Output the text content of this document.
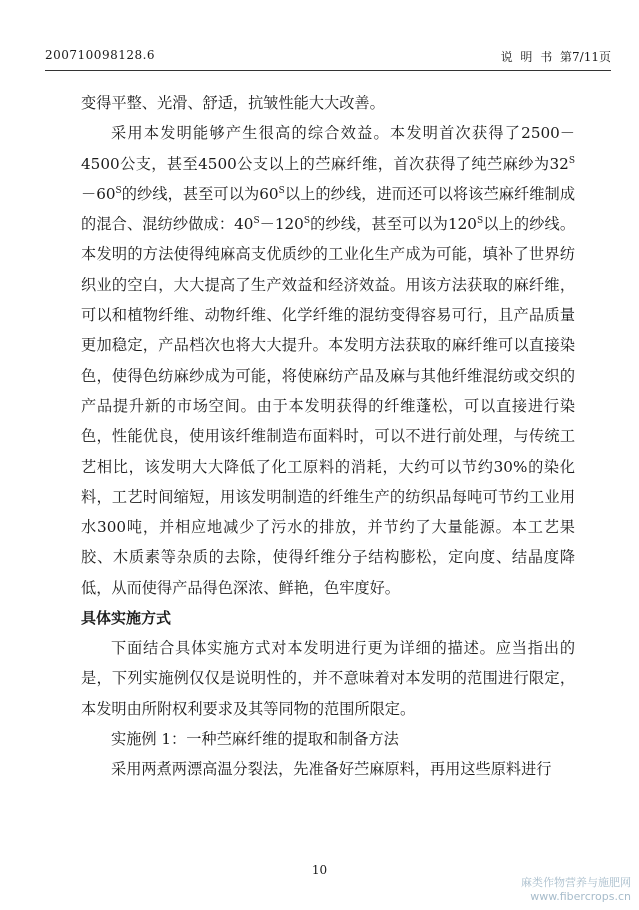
200710098128.6	说 明 书 第7/11页

变得平整、光滑、舒适，抗皱性能大大改善。

采用本发明能够产生很高的综合效益。本发明首次获得了2500－4500公支，甚至4500公支以上的苎麻纤维，首次获得了纯苎麻纱为$32^S-60^S$的纱线，甚至可以为$60^S$以上的纱线，进而还可以将该苎麻纤维制成的混合、混纺纱做成：$40^S-120^S$的纱线，甚至可以为$120^S$以上的纱线。本发明的方法使得纯麻高支优质纱的工业化生产成为可能，填补了世界纺织业的空白，大大提高了生产效益和经济效益。用该方法获取的麻纤维，可以和植物纤维、动物纤维、化学纤维的混纺变得容易可行，且产品质量更加稳定，产品档次也将大大提升。本发明方法获取的麻纤维可以直接染色，使得色纺麻纱成为可能，将使麻纺产品及麻与其他纤维混纺或交织的产品提升新的市场空间。由于本发明获得的纤维蓬松，可以直接进行染色，性能优良，使用该纤维制造布面料时，可以不进行前处理，与传统工艺相比，该发明大大降低了化工原料的消耗，大约可以节约30%的染化料，工艺时间缩短，用该发明制造的纤维生产的纺织品每吨可节约工业用水300吨，并相应地减少了污水的排放，并节约了大量能源。本工艺果胶、木质素等杂质的去除，使得纤维分子结构膨松，定向度、结晶度降低，从而使得产品得色深浓、鲜艳，色牢度好。

具体实施方式

下面结合具体实施方式对本发明进行更为详细的描述。应当指出的是，下列实施例仅仅是说明性的，并不意味着对本发明的范围进行限定，本发明由所附权利要求及其等同物的范围所限定。

实施例 1：一种苎麻纤维的提取和制备方法

采用两煮两漂高温分裂法，先准备好苎麻原料，再用这些原料进行

10
麻类作物营养与施肥网
www.fibercrops.cn
